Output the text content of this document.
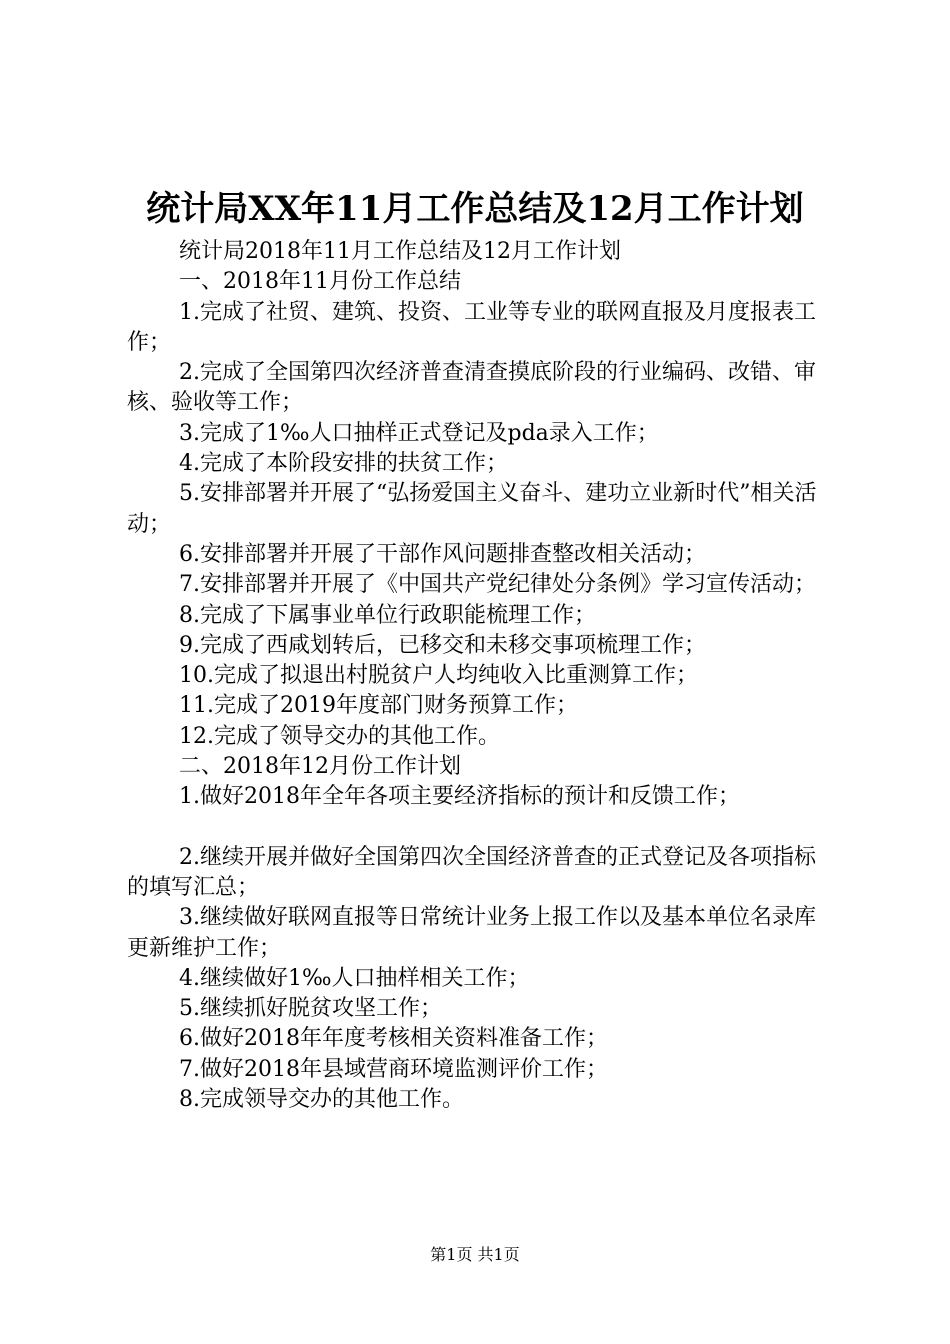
统计局XX年11月工作总结及12月工作计划

统计局2018年11月工作总结及12月工作计划

一、2018年11月份工作总结

1.完成了社贸、建筑、投资、工业等专业的联网直报及月度报表工作；

2.完成了全国第四次经济普查清查摸底阶段的行业编码、改错、审核、验收等工作；

3.完成了1‰人口抽样正式登记及pda录入工作；

4.完成了本阶段安排的扶贫工作；

5.安排部署并开展了“弘扬爱国主义奋斗、建功立业新时代”相关活动；

6.安排部署并开展了干部作风问题排查整改相关活动；

7.安排部署并开展了《中国共产党纪律处分条例》学习宣传活动；

8.完成了下属事业单位行政职能梳理工作；

9.完成了西咸划转后，已移交和未移交事项梳理工作；

10.完成了拟退出村脱贫户人均纯收入比重测算工作；

11.完成了2019年度部门财务预算工作；

12.完成了领导交办的其他工作。

二、2018年12月份工作计划

1.做好2018年全年各项主要经济指标的预计和反馈工作；

2.继续开展并做好全国第四次全国经济普查的正式登记及各项指标的填写汇总；

3.继续做好联网直报等日常统计业务上报工作以及基本单位名录库更新维护工作；

4.继续做好1‰人口抽样相关工作；

5.继续抓好脱贫攻坚工作；

6.做好2018年年度考核相关资料准备工作；

7.做好2018年县域营商环境监测评价工作；

8.完成领导交办的其他工作。

第1页 共1页
